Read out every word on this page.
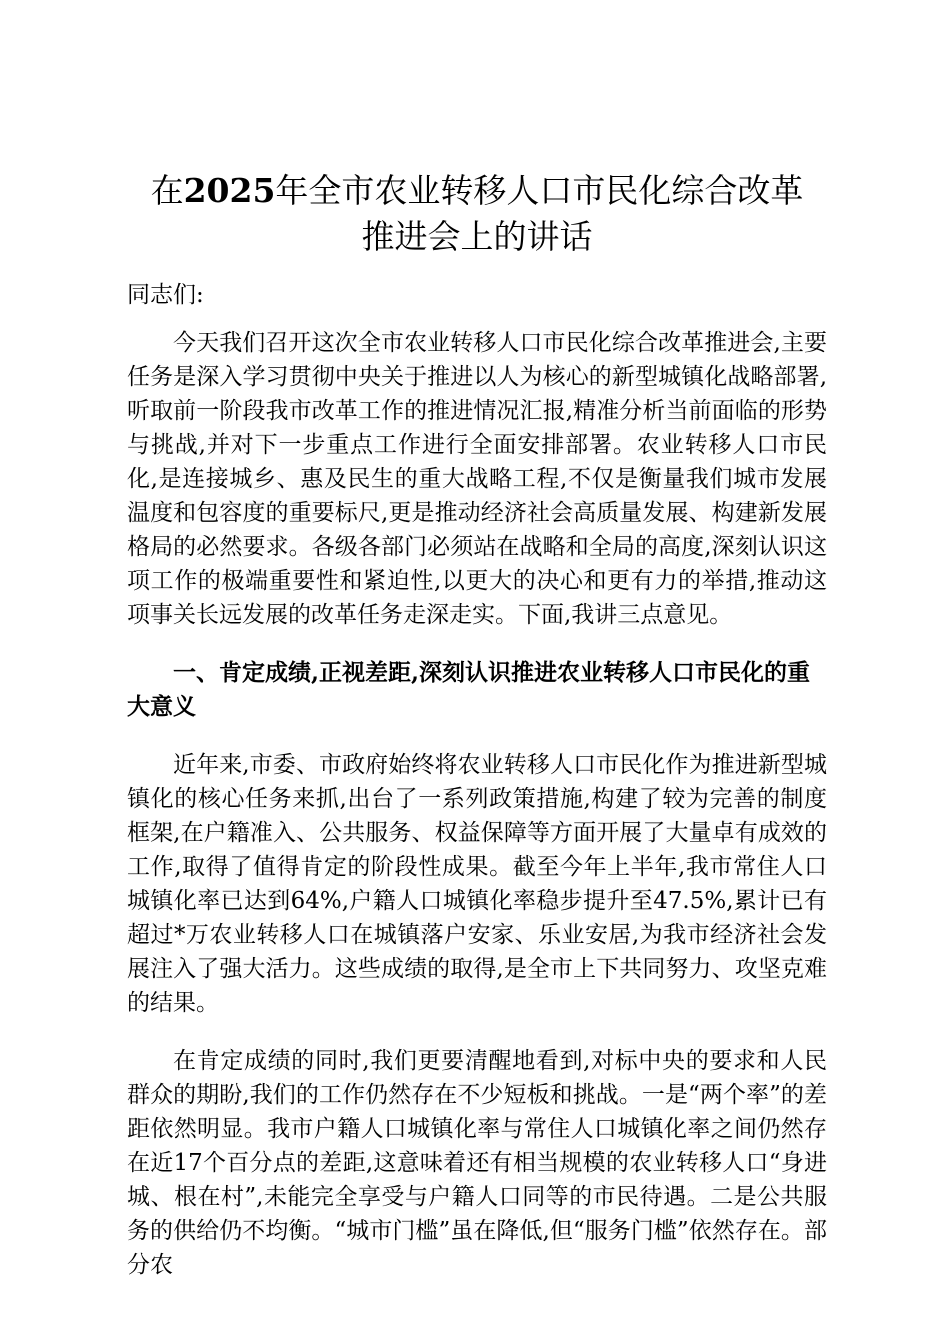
在2025年全市农业转移人口市民化综合改革
推进会上的讲话

同志们:

今天我们召开这次全市农业转移人口市民化综合改革推进会,主要任务是深入学习贯彻中央关于推进以人为核心的新型城镇化战略部署,听取前一阶段我市改革工作的推进情况汇报,精准分析当前面临的形势与挑战,并对下一步重点工作进行全面安排部署。农业转移人口市民化,是连接城乡、惠及民生的重大战略工程,不仅是衡量我们城市发展温度和包容度的重要标尺,更是推动经济社会高质量发展、构建新发展格局的必然要求。各级各部门必须站在战略和全局的高度,深刻认识这项工作的极端重要性和紧迫性,以更大的决心和更有力的举措,推动这项事关长远发展的改革任务走深走实。下面,我讲三点意见。

一、肯定成绩,正视差距,深刻认识推进农业转移人口市民化的重大意义

近年来,市委、市政府始终将农业转移人口市民化作为推进新型城镇化的核心任务来抓,出台了一系列政策措施,构建了较为完善的制度框架,在户籍准入、公共服务、权益保障等方面开展了大量卓有成效的工作,取得了值得肯定的阶段性成果。截至今年上半年,我市常住人口城镇化率已达到64%,户籍人口城镇化率稳步提升至47.5%,累计已有超过*万农业转移人口在城镇落户安家、乐业安居,为我市经济社会发展注入了强大活力。这些成绩的取得,是全市上下共同努力、攻坚克难的结果。

在肯定成绩的同时,我们更要清醒地看到,对标中央的要求和人民群众的期盼,我们的工作仍然存在不少短板和挑战。一是“两个率”的差距依然明显。我市户籍人口城镇化率与常住人口城镇化率之间仍然存在近17个百分点的差距,这意味着还有相当规模的农业转移人口“身进城、根在村”,未能完全享受与户籍人口同等的市民待遇。二是公共服务的供给仍不均衡。“城市门槛”虽在降低,但“服务门槛”依然存在。部分农
